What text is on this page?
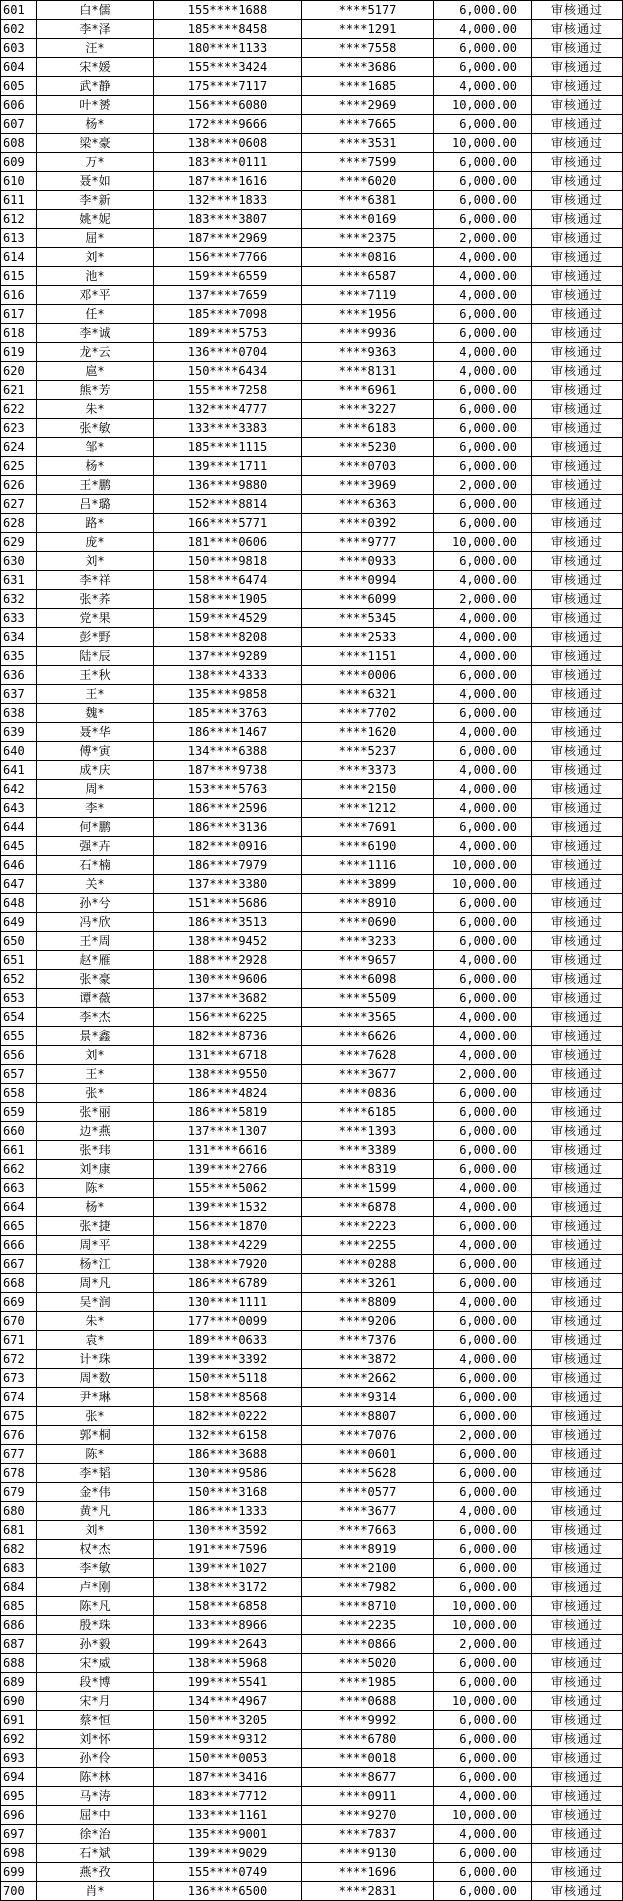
601	白*儒	155****1688	****5177	6,000.00	审核通过
602	李*泽	185****8458	****1291	4,000.00	审核通过
603	汪*	180****1133	****7558	6,000.00	审核通过
604	宋*媛	155****3424	****3686	6,000.00	审核通过
605	武*静	175****7117	****1685	4,000.00	审核通过
606	叶*赟	156****6080	****2969	10,000.00	审核通过
607	杨*	172****9666	****7665	6,000.00	审核通过
608	梁*豪	138****0608	****3531	10,000.00	审核通过
609	万*	183****0111	****7599	6,000.00	审核通过
610	聂*如	187****1616	****6020	6,000.00	审核通过
611	李*新	132****1833	****6381	6,000.00	审核通过
612	姚*妮	183****3807	****0169	6,000.00	审核通过
613	屈*	187****2969	****2375	2,000.00	审核通过
614	刘*	156****7766	****0816	4,000.00	审核通过
615	池*	159****6559	****6587	4,000.00	审核通过
616	邓*平	137****7659	****7119	4,000.00	审核通过
617	任*	185****7098	****1956	6,000.00	审核通过
618	李*诚	189****5753	****9936	6,000.00	审核通过
619	龙*云	136****0704	****9363	4,000.00	审核通过
620	扈*	150****6434	****8131	4,000.00	审核通过
621	熊*芳	155****7258	****6961	6,000.00	审核通过
622	朱*	132****4777	****3227	6,000.00	审核通过
623	张*敏	133****3383	****6183	6,000.00	审核通过
624	邹*	185****1115	****5230	6,000.00	审核通过
625	杨*	139****1711	****0703	6,000.00	审核通过
626	王*鹏	136****9880	****3969	2,000.00	审核通过
627	吕*璐	152****8814	****6363	6,000.00	审核通过
628	路*	166****5771	****0392	6,000.00	审核通过
629	庞*	181****0606	****9777	10,000.00	审核通过
630	刘*	150****9818	****0933	6,000.00	审核通过
631	李*祥	158****6474	****0994	4,000.00	审核通过
632	张*荞	158****1905	****6099	2,000.00	审核通过
633	党*果	159****4529	****5345	4,000.00	审核通过
634	彭*野	158****8208	****2533	4,000.00	审核通过
635	陆*辰	137****9289	****1151	4,000.00	审核通过
636	王*秋	138****4333	****0006	6,000.00	审核通过
637	王*	135****9858	****6321	4,000.00	审核通过
638	魏*	185****3763	****7702	6,000.00	审核通过
639	聂*华	186****1467	****1620	4,000.00	审核通过
640	傅*寅	134****6388	****5237	6,000.00	审核通过
641	成*庆	187****9738	****3373	4,000.00	审核通过
642	周*	153****5763	****2150	4,000.00	审核通过
643	李*	186****2596	****1212	4,000.00	审核通过
644	何*鹏	186****3136	****7691	6,000.00	审核通过
645	强*卉	182****0916	****6190	4,000.00	审核通过
646	石*楠	186****7979	****1116	10,000.00	审核通过
647	关*	137****3380	****3899	10,000.00	审核通过
648	孙*兮	151****5686	****8910	6,000.00	审核通过
649	冯*欣	186****3513	****0690	6,000.00	审核通过
650	王*周	138****9452	****3233	6,000.00	审核通过
651	赵*雁	188****2928	****9657	4,000.00	审核通过
652	张*豪	130****9606	****6098	6,000.00	审核通过
653	谭*薇	137****3682	****5509	6,000.00	审核通过
654	李*杰	156****6225	****3565	4,000.00	审核通过
655	景*鑫	182****8736	****6626	4,000.00	审核通过
656	刘*	131****6718	****7628	4,000.00	审核通过
657	王*	138****9550	****3677	2,000.00	审核通过
658	张*	186****4824	****0836	6,000.00	审核通过
659	张*丽	186****5819	****6185	6,000.00	审核通过
660	边*燕	137****1307	****1393	6,000.00	审核通过
661	张*玮	131****6616	****3389	6,000.00	审核通过
662	刘*康	139****2766	****8319	6,000.00	审核通过
663	陈*	155****5062	****1599	4,000.00	审核通过
664	杨*	139****1532	****6878	4,000.00	审核通过
665	张*捷	156****1870	****2223	6,000.00	审核通过
666	周*平	138****4229	****2255	4,000.00	审核通过
667	杨*江	138****7920	****0288	6,000.00	审核通过
668	周*凡	186****6789	****3261	6,000.00	审核通过
669	吴*润	130****1111	****8809	4,000.00	审核通过
670	朱*	177****0099	****9206	6,000.00	审核通过
671	袁*	189****0633	****7376	6,000.00	审核通过
672	计*珠	139****3392	****3872	4,000.00	审核通过
673	周*数	150****5118	****2662	6,000.00	审核通过
674	尹*琳	158****8568	****9314	6,000.00	审核通过
675	张*	182****0222	****8807	6,000.00	审核通过
676	郭*桐	132****6158	****7076	2,000.00	审核通过
677	陈*	186****3688	****0601	6,000.00	审核通过
678	李*韬	130****9586	****5628	6,000.00	审核通过
679	金*伟	150****3168	****0577	6,000.00	审核通过
680	黄*凡	186****1333	****3677	4,000.00	审核通过
681	刘*	130****3592	****7663	6,000.00	审核通过
682	权*杰	191****7596	****8919	6,000.00	审核通过
683	李*敏	139****1027	****2100	6,000.00	审核通过
684	卢*刚	138****3172	****7982	6,000.00	审核通过
685	陈*凡	158****6858	****8710	10,000.00	审核通过
686	殷*珠	133****8966	****2235	10,000.00	审核通过
687	孙*毅	199****2643	****0866	2,000.00	审核通过
688	宋*威	138****5968	****5020	6,000.00	审核通过
689	段*博	199****5541	****1985	6,000.00	审核通过
690	宋*月	134****4967	****0688	10,000.00	审核通过
691	蔡*恒	150****3205	****9992	6,000.00	审核通过
692	刘*怀	159****9312	****6780	6,000.00	审核通过
693	孙*伶	150****0053	****0018	6,000.00	审核通过
694	陈*林	187****3416	****8677	6,000.00	审核通过
695	马*涛	183****7712	****0911	4,000.00	审核通过
696	屈*中	133****1161	****9270	10,000.00	审核通过
697	徐*治	135****9001	****7837	4,000.00	审核通过
698	石*斌	139****9029	****9130	6,000.00	审核通过
699	燕*孜	155****0749	****1696	6,000.00	审核通过
700	肖*	136****6500	****2831	6,000.00	审核通过
